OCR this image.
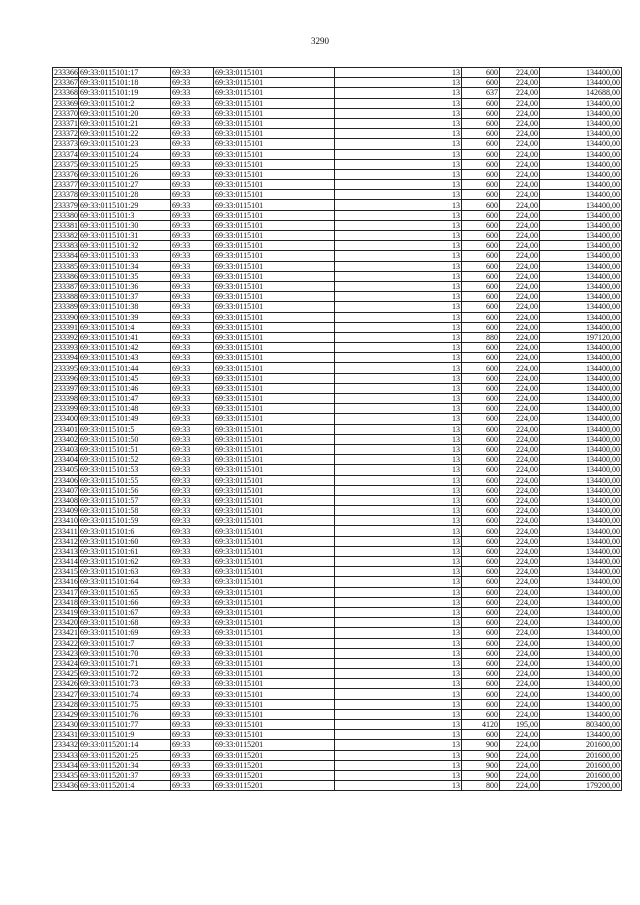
3290
233366	69:33:0115101:17	69:33	69:33:0115101	13	600	224,00	134400,00
233367	69:33:0115101:18	69:33	69:33:0115101	13	600	224,00	134400,00
233368	69:33:0115101:19	69:33	69:33:0115101	13	637	224,00	142688,00
233369	69:33:0115101:2	69:33	69:33:0115101	13	600	224,00	134400,00
233370	69:33:0115101:20	69:33	69:33:0115101	13	600	224,00	134400,00
233371	69:33:0115101:21	69:33	69:33:0115101	13	600	224,00	134400,00
233372	69:33:0115101:22	69:33	69:33:0115101	13	600	224,00	134400,00
233373	69:33:0115101:23	69:33	69:33:0115101	13	600	224,00	134400,00
233374	69:33:0115101:24	69:33	69:33:0115101	13	600	224,00	134400,00
233375	69:33:0115101:25	69:33	69:33:0115101	13	600	224,00	134400,00
233376	69:33:0115101:26	69:33	69:33:0115101	13	600	224,00	134400,00
233377	69:33:0115101:27	69:33	69:33:0115101	13	600	224,00	134400,00
233378	69:33:0115101:28	69:33	69:33:0115101	13	600	224,00	134400,00
233379	69:33:0115101:29	69:33	69:33:0115101	13	600	224,00	134400,00
233380	69:33:0115101:3	69:33	69:33:0115101	13	600	224,00	134400,00
233381	69:33:0115101:30	69:33	69:33:0115101	13	600	224,00	134400,00
233382	69:33:0115101:31	69:33	69:33:0115101	13	600	224,00	134400,00
233383	69:33:0115101:32	69:33	69:33:0115101	13	600	224,00	134400,00
233384	69:33:0115101:33	69:33	69:33:0115101	13	600	224,00	134400,00
233385	69:33:0115101:34	69:33	69:33:0115101	13	600	224,00	134400,00
233386	69:33:0115101:35	69:33	69:33:0115101	13	600	224,00	134400,00
233387	69:33:0115101:36	69:33	69:33:0115101	13	600	224,00	134400,00
233388	69:33:0115101:37	69:33	69:33:0115101	13	600	224,00	134400,00
233389	69:33:0115101:38	69:33	69:33:0115101	13	600	224,00	134400,00
233390	69:33:0115101:39	69:33	69:33:0115101	13	600	224,00	134400,00
233391	69:33:0115101:4	69:33	69:33:0115101	13	600	224,00	134400,00
233392	69:33:0115101:41	69:33	69:33:0115101	13	880	224,00	197120,00
233393	69:33:0115101:42	69:33	69:33:0115101	13	600	224,00	134400,00
233394	69:33:0115101:43	69:33	69:33:0115101	13	600	224,00	134400,00
233395	69:33:0115101:44	69:33	69:33:0115101	13	600	224,00	134400,00
233396	69:33:0115101:45	69:33	69:33:0115101	13	600	224,00	134400,00
233397	69:33:0115101:46	69:33	69:33:0115101	13	600	224,00	134400,00
233398	69:33:0115101:47	69:33	69:33:0115101	13	600	224,00	134400,00
233399	69:33:0115101:48	69:33	69:33:0115101	13	600	224,00	134400,00
233400	69:33:0115101:49	69:33	69:33:0115101	13	600	224,00	134400,00
233401	69:33:0115101:5	69:33	69:33:0115101	13	600	224,00	134400,00
233402	69:33:0115101:50	69:33	69:33:0115101	13	600	224,00	134400,00
233403	69:33:0115101:51	69:33	69:33:0115101	13	600	224,00	134400,00
233404	69:33:0115101:52	69:33	69:33:0115101	13	600	224,00	134400,00
233405	69:33:0115101:53	69:33	69:33:0115101	13	600	224,00	134400,00
233406	69:33:0115101:55	69:33	69:33:0115101	13	600	224,00	134400,00
233407	69:33:0115101:56	69:33	69:33:0115101	13	600	224,00	134400,00
233408	69:33:0115101:57	69:33	69:33:0115101	13	600	224,00	134400,00
233409	69:33:0115101:58	69:33	69:33:0115101	13	600	224,00	134400,00
233410	69:33:0115101:59	69:33	69:33:0115101	13	600	224,00	134400,00
233411	69:33:0115101:6	69:33	69:33:0115101	13	600	224,00	134400,00
233412	69:33:0115101:60	69:33	69:33:0115101	13	600	224,00	134400,00
233413	69:33:0115101:61	69:33	69:33:0115101	13	600	224,00	134400,00
233414	69:33:0115101:62	69:33	69:33:0115101	13	600	224,00	134400,00
233415	69:33:0115101:63	69:33	69:33:0115101	13	600	224,00	134400,00
233416	69:33:0115101:64	69:33	69:33:0115101	13	600	224,00	134400,00
233417	69:33:0115101:65	69:33	69:33:0115101	13	600	224,00	134400,00
233418	69:33:0115101:66	69:33	69:33:0115101	13	600	224,00	134400,00
233419	69:33:0115101:67	69:33	69:33:0115101	13	600	224,00	134400,00
233420	69:33:0115101:68	69:33	69:33:0115101	13	600	224,00	134400,00
233421	69:33:0115101:69	69:33	69:33:0115101	13	600	224,00	134400,00
233422	69:33:0115101:7	69:33	69:33:0115101	13	600	224,00	134400,00
233423	69:33:0115101:70	69:33	69:33:0115101	13	600	224,00	134400,00
233424	69:33:0115101:71	69:33	69:33:0115101	13	600	224,00	134400,00
233425	69:33:0115101:72	69:33	69:33:0115101	13	600	224,00	134400,00
233426	69:33:0115101:73	69:33	69:33:0115101	13	600	224,00	134400,00
233427	69:33:0115101:74	69:33	69:33:0115101	13	600	224,00	134400,00
233428	69:33:0115101:75	69:33	69:33:0115101	13	600	224,00	134400,00
233429	69:33:0115101:76	69:33	69:33:0115101	13	600	224,00	134400,00
233430	69:33:0115101:77	69:33	69:33:0115101	13	4120	195,00	803400,00
233431	69:33:0115101:9	69:33	69:33:0115101	13	600	224,00	134400,00
233432	69:33:0115201:14	69:33	69:33:0115201	13	900	224,00	201600,00
233433	69:33:0115201:25	69:33	69:33:0115201	13	900	224,00	201600,00
233434	69:33:0115201:34	69:33	69:33:0115201	13	900	224,00	201600,00
233435	69:33:0115201:37	69:33	69:33:0115201	13	900	224,00	201600,00
233436	69:33:0115201:4	69:33	69:33:0115201	13	800	224,00	179200,00
